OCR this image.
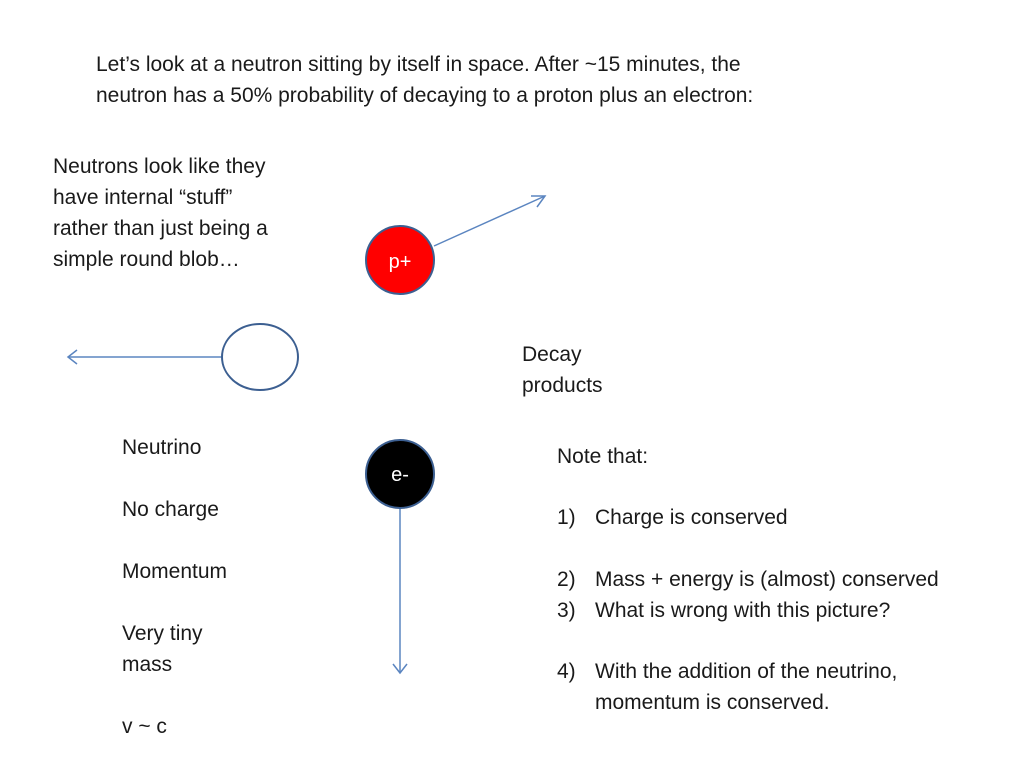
Let’s look at a neutron sitting by itself in space. After ~15 minutes, the
neutron has a 50% probability of decaying to a proton plus an electron:
Neutrons look like they
have internal “stuff”
rather than just being a
simple round blob…
Decay
products
Neutrino

No charge

Momentum

Very tiny
mass

v ~ c
Note that:
1) Charge is conserved
2) Mass + energy is (almost) conserved
3) What is wrong with this picture?
4) With the addition of the neutrino,
momentum is conserved.
p+
e-
